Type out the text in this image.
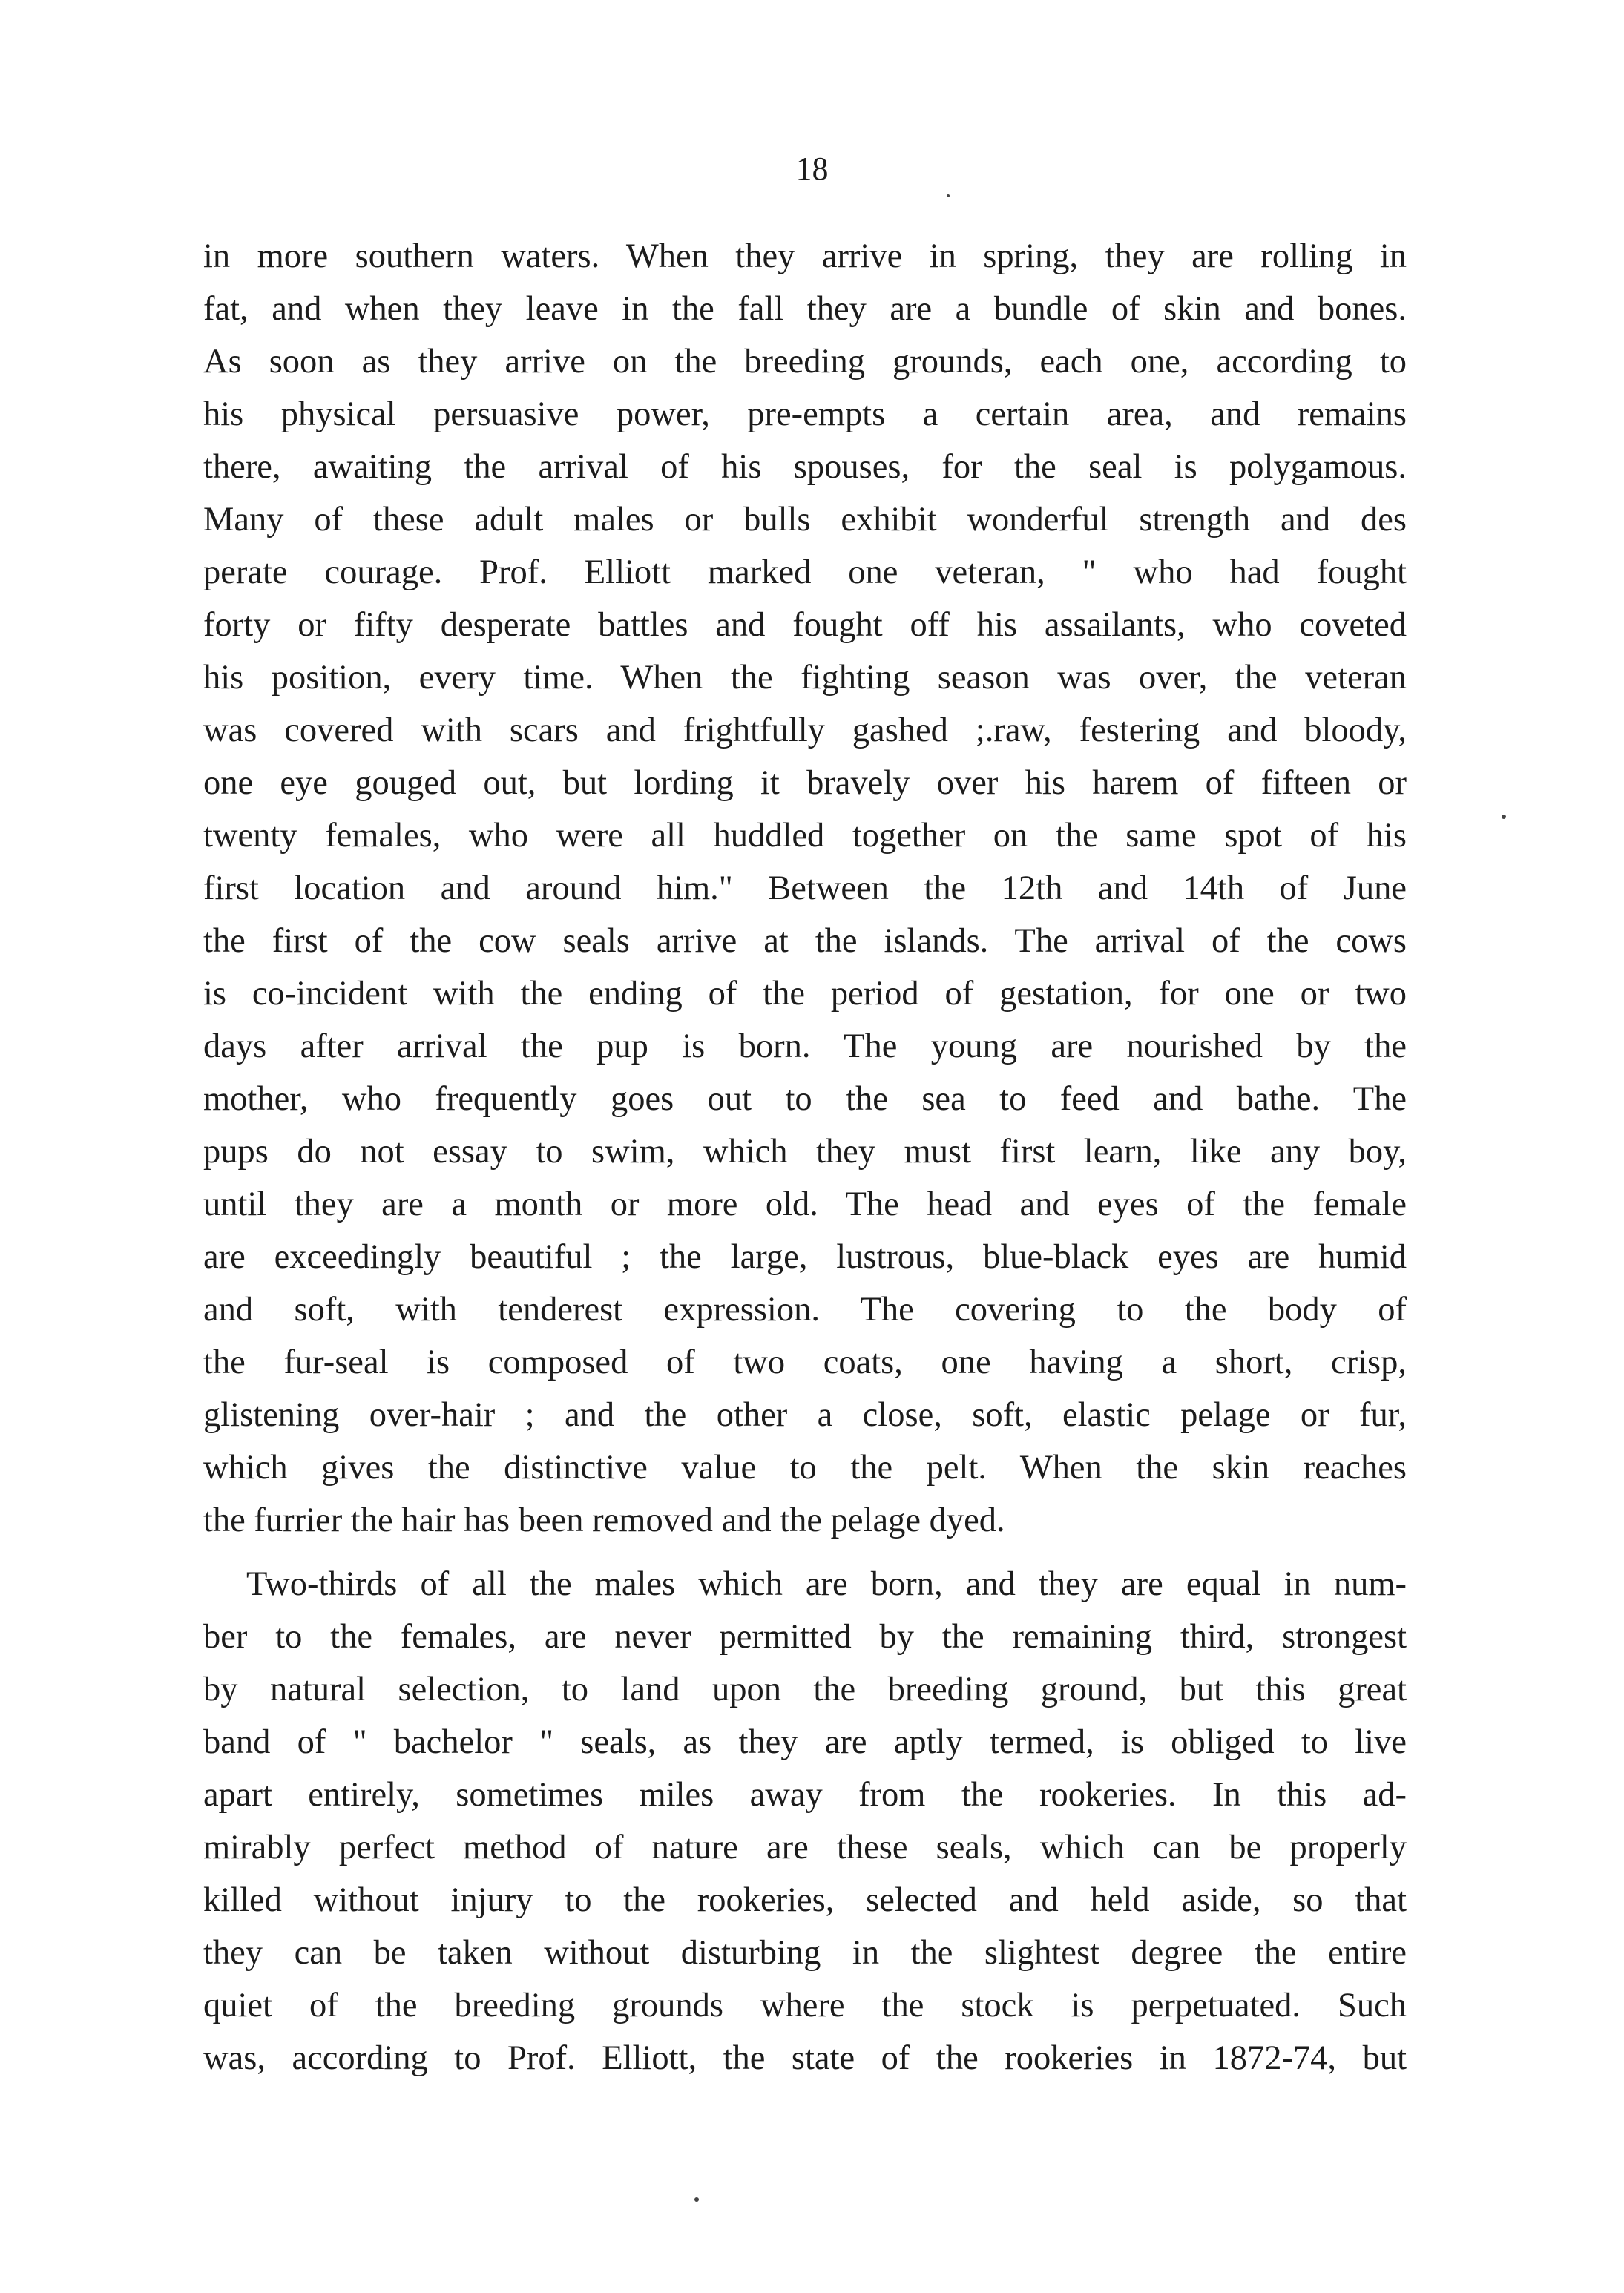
18

in more southern waters. When they arrive in spring, they are rolling in
fat, and when they leave in the fall they are a bundle of skin and bones.
As soon as they arrive on the breeding grounds, each one, according to
his physical persuasive power, pre-empts a certain area, and remains
there, awaiting the arrival of his spouses, for the seal is polygamous.
Many of these adult males or bulls exhibit wonderful strength and des
perate courage. Prof. Elliott marked one veteran, " who had fought
forty or fifty desperate battles and fought off his assailants, who coveted
his position, every time. When the fighting season was over, the veteran
was covered with scars and frightfully gashed ;.raw, festering and bloody,
one eye gouged out, but lording it bravely over his harem of fifteen or
twenty females, who were all huddled together on the same spot of his
first location and around him." Between the 12th and 14th of June
the first of the cow seals arrive at the islands. The arrival of the cows
is co-incident with the ending of the period of gestation, for one or two
days after arrival the pup is born. The young are nourished by the
mother, who frequently goes out to the sea to feed and bathe. The
pups do not essay to swim, which they must first learn, like any boy,
until they are a month or more old. The head and eyes of the female
are exceedingly beautiful ; the large, lustrous, blue-black eyes are humid
and soft, with tenderest expression. The covering to the body of
the fur-seal is composed of two coats, one having a short, crisp,
glistening over-hair ; and the other a close, soft, elastic pelage or fur,
which gives the distinctive value to the pelt. When the skin reaches
the furrier the hair has been removed and the pelage dyed.

Two-thirds of all the males which are born, and they are equal in num-
ber to the females, are never permitted by the remaining third, strongest
by natural selection, to land upon the breeding ground, but this great
band of " bachelor " seals, as they are aptly termed, is obliged to live
apart entirely, sometimes miles away from the rookeries. In this ad-
mirably perfect method of nature are these seals, which can be properly
killed without injury to the rookeries, selected and held aside, so that
they can be taken without disturbing in the slightest degree the entire
quiet of the breeding grounds where the stock is perpetuated. Such
was, according to Prof. Elliott, the state of the rookeries in 1872-74, but
